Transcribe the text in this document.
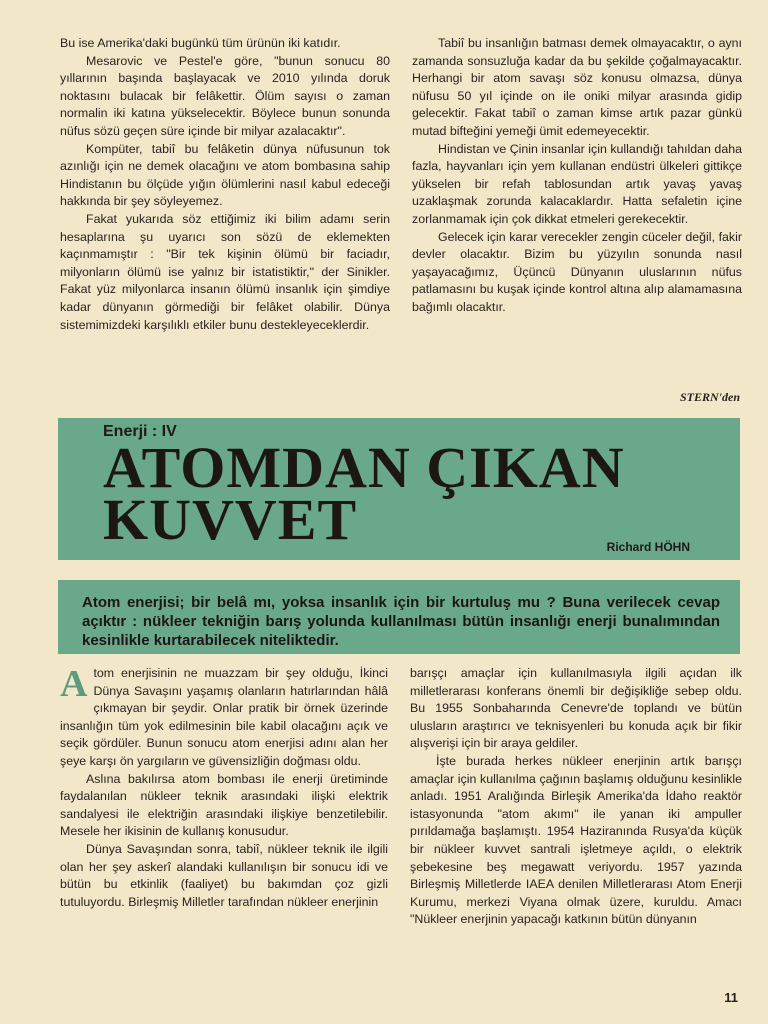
Bu ise Amerika'daki bugünkü tüm ürünün iki katıdır.

Mesarovic ve Pestel'e göre, "bunun sonucu 80 yıllarının başında başlayacak ve 2010 yılında doruk noktasını bulacak bir felâkettir. Ölüm sayısı o zaman normalin iki katına yükselecektir. Böylece bunun sonunda nüfus sözü geçen süre içinde bir milyar azalacaktır".

Kompüter, tabiî bu felâketin dünya nüfusunun tok azınlığı için ne demek olacağını ve atom bombasına sahip Hindistanın bu ölçüde yığın ölümlerini nasıl kabul edeceği hakkında bir şey söyleyemez.

Fakat yukarıda söz ettiğimiz iki bilim adamı serin hesaplarına şu uyarıcı son sözü de eklemekten kaçınmamıştır : "Bir tek kişinin ölümü bir faciadır, milyonların ölümü ise yalnız bir istatistiktir," der Sinikler. Fakat yüz milyonlarca insanın ölümü insanlık için şimdiye kadar dünyanın görmediği bir felâket olabilir. Dünya sistemimizdeki karşılıklı etkiler bunu destekleyeceklerdir.

Tabiî bu insanlığın batması demek olmayacaktır, o aynı zamanda sonsuzluğa kadar da bu şekilde çoğalmayacaktır. Herhangi bir atom savaşı söz konusu olmazsa, dünya nüfusu 50 yıl içinde on ile oniki milyar arasında gidip gelecektir. Fakat tabiî o zaman kimse artık pazar günkü mutad bifteğini yemeği ümit edemeyecektir.

Hindistan ve Çinin insanlar için kullandığı tahıldan daha fazla, hayvanları için yem kullanan endüstri ülkeleri gittikçe yükselen bir refah tablosundan artık yavaş yavaş uzaklaşmak zorunda kalacaklardır. Hatta sefaletin içine zorlanmamak için çok dikkat etmeleri gerekecektir.

Gelecek için karar verecekler zengin cüceler değil, fakir devler olacaktır. Bizim bu yüzyılın sonunda nasıl yaşayacağımız, Üçüncü Dünyanın uluslarının nüfus patlamasını bu kuşak içinde kontrol altına alıp alamamasına bağımlı olacaktır.

STERN'den
Enerji : IV
ATOMDAN ÇIKAN
KUVVET	Richard HÖHN

Atom enerjisi; bir belâ mı, yoksa insanlık için bir kurtuluş mu ? Buna verilecek cevap açıktır : nükleer tekniğin barış yolunda kullanılması bütün insanlığı enerji bunalımından kesinlikle kurtarabilecek niteliktedir.

Atom enerjisinin ne muazzam bir şey olduğu, İkinci Dünya Savaşını yaşamış olanların hatırlarından hâlâ çıkmayan bir şeydir. Onlar pratik bir örnek üzerinde insanlığın tüm yok edilmesinin bile kabil olacağını açık ve seçik gördüler. Bunun sonucu atom enerjisi adını alan her şeye karşı ön yargıların ve güvensizliğin doğması oldu.

Aslına bakılırsa atom bombası ile enerji üretiminde faydalanılan nükleer teknik arasındaki ilişki elektrik sandalyesi ile elektriğin arasındaki ilişkiye benzetilebilir. Mesele her ikisinin de kullanış konusudur.

Dünya Savaşından sonra, tabiî, nükleer teknik ile ilgili olan her şey askerî alandaki kullanılışın bir sonucu idi ve bütün bu etkinlik (faaliyet) bu bakımdan çoz gizli tutuluyordu. Birleşmiş Milletler tarafından nükleer enerjinin

barışçı amaçlar için kullanılmasıyla ilgili açıdan ilk milletlerarası konferans önemli bir değişikliğe sebep oldu. Bu 1955 Sonbaharında Cenevre'de toplandı ve bütün ulusların araştırıcı ve teknisyenleri bu konuda açık bir fikir alışverişi için bir araya geldiler.

İşte burada herkes nükleer enerjinin artık barışçı amaçlar için kullanılma çağının başlamış olduğunu kesinlikle anladı. 1951 Aralığında Birleşik Amerika'da İdaho reaktör istasyonunda "atom akımı" ile yanan iki ampuller pırıldamağa başlamıştı. 1954 Haziranında Rusya'da küçük bir nükleer kuvvet santrali işletmeye açıldı, o elektrik şebekesine beş megawatt veriyordu. 1957 yazında Birleşmiş Milletlerde IAEA denilen Milletlerarası Atom Enerji Kurumu, merkezi Viyana olmak üzere, kuruldu. Amacı "Nükleer enerjinin yapacağı katkının bütün dünyanın

11
